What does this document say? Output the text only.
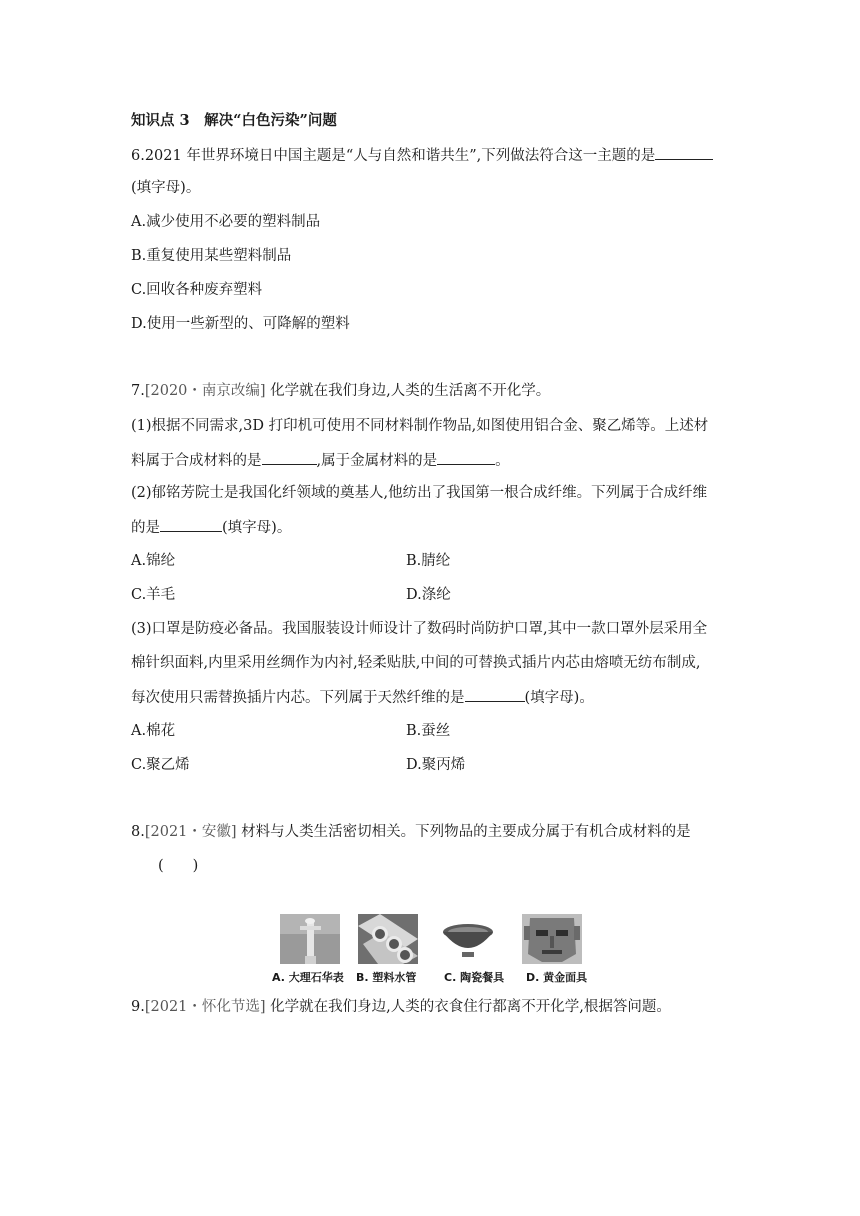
知识点 3　解决“白色污染”问题
6.2021 年世界环境日中国主题是“人与自然和谐共生”,下列做法符合这一主题的是
(填字母)。
A.减少使用不必要的塑料制品
B.重复使用某些塑料制品
C.回收各种废弃塑料
D.使用一些新型的、可降解的塑料
7.[2020・南京改编] 化学就在我们身边,人类的生活离不开化学。
(1)根据不同需求,3D 打印机可使用不同材料制作物品,如图使用铝合金、聚乙烯等。上述材
料属于合成材料的是	,属于金属材料的是	。
(2)郁铭芳院士是我国化纤领域的奠基人,他纺出了我国第一根合成纤维。下列属于合成纤维
的是	(填字母)。
A.锦纶	B.腈纶
C.羊毛	D.涤纶
(3)口罩是防疫必备品。我国服装设计师设计了数码时尚防护口罩,其中一款口罩外层采用全
棉针织面料,内里采用丝绸作为内衬,轻柔贴肤,中间的可替换式插片内芯由熔喷无纺布制成,
每次使用只需替换插片内芯。下列属于天然纤维的是	(填字母)。
A.棉花	B.蚕丝
C.聚乙烯	D.聚丙烯
8.[2021・安徽] 材料与人类生活密切相关。下列物品的主要成分属于有机合成材料的是
(　　)
A. 大理石华表 B. 塑料水管	C. 陶瓷餐具 D. 黄金面具
9.[2021・怀化节选] 化学就在我们身边,人类的衣食住行都离不开化学,根据答问题。
